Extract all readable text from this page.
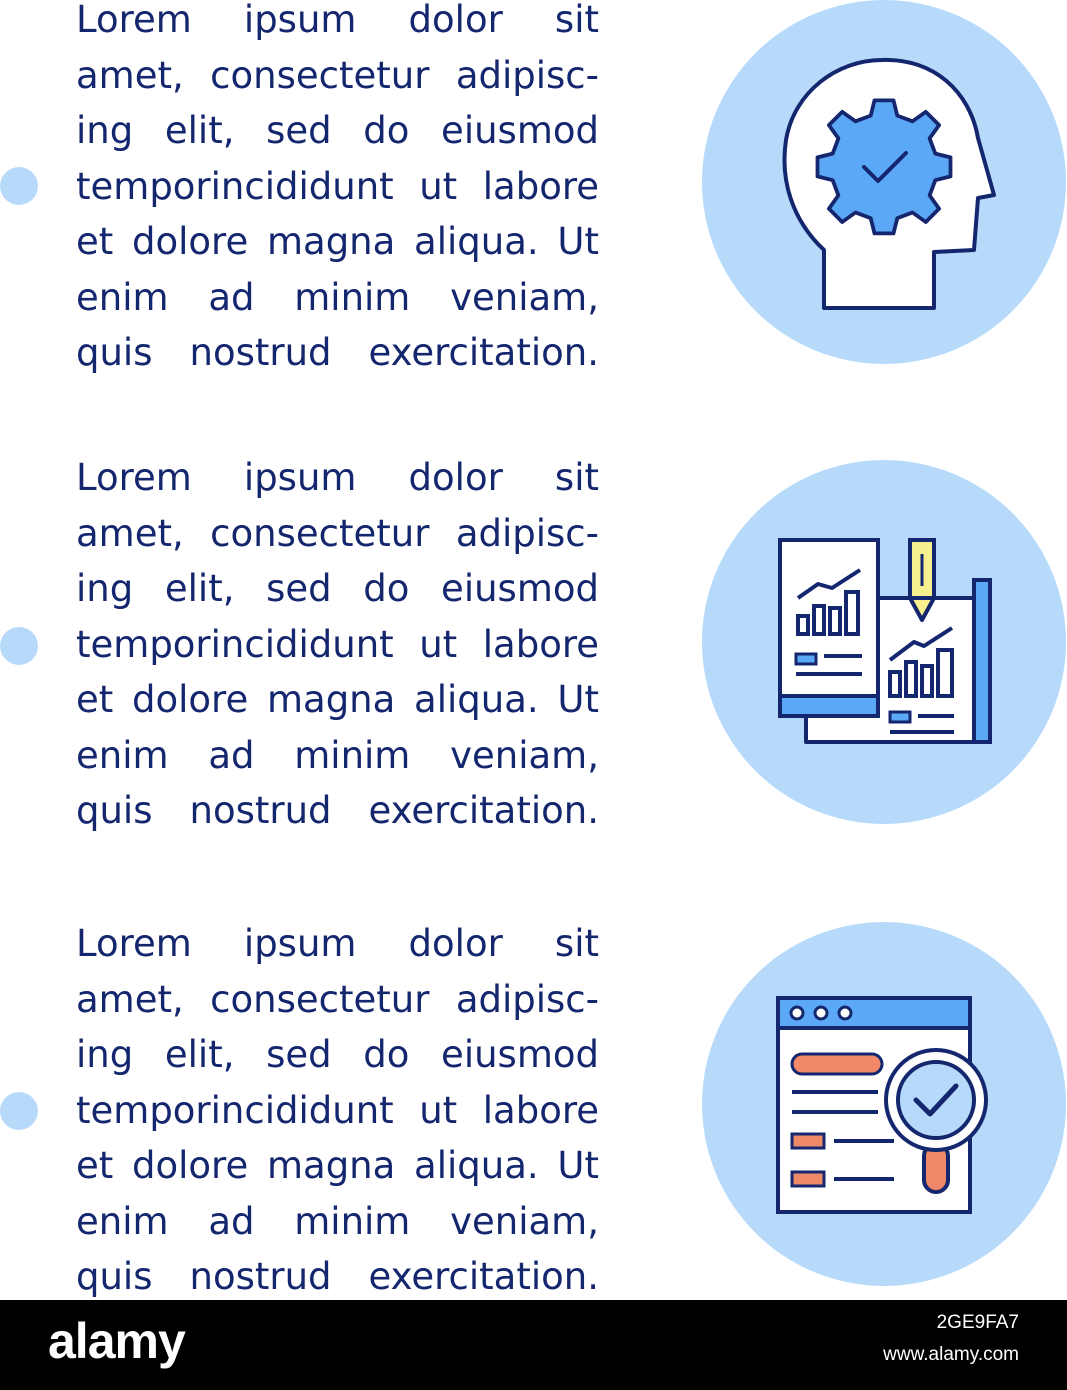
Lorem ipsum dolor sit
amet, consectetur adipisc-
ing elit, sed do eiusmod
temporincididunt ut labore
et dolore magna aliqua. Ut
enim ad minim veniam,
quis nostrud exercitation.
Lorem ipsum dolor sit
amet, consectetur adipisc-
ing elit, sed do eiusmod
temporincididunt ut labore
et dolore magna aliqua. Ut
enim ad minim veniam,
quis nostrud exercitation.
Lorem ipsum dolor sit
amet, consectetur adipisc-
ing elit, sed do eiusmod
temporincididunt ut labore
et dolore magna aliqua. Ut
enim ad minim veniam,
quis nostrud exercitation.
alamy	2GE9FA7
www.alamy.com
